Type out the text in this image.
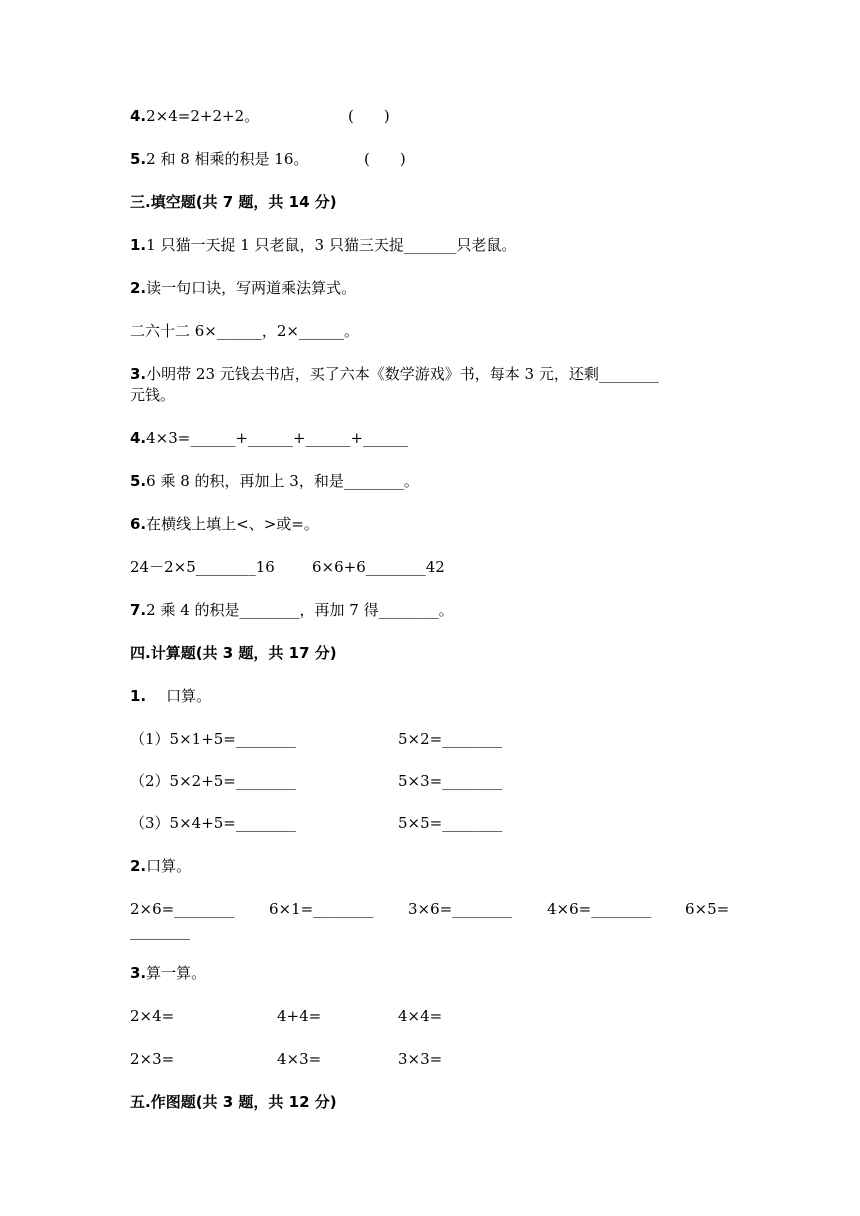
4.2×4=2+2+2。	(　　)
5.2 和 8 相乘的积是 16。	(　　)
三.填空题(共 7 题，共 14 分)
1.1 只猫一天捉 1 只老鼠，3 只猫三天捉_______只老鼠。
2.读一句口诀，写两道乘法算式。
二六十二 6×______，2×______。
3.小明带 23 元钱去书店，买了六本《数学游戏》书，每本 3 元，还剩________
元钱。
4.4×3=______+______+______+______
5.6 乘 8 的积，再加上 3，和是________。
6.在横线上填上<、>或=。
24－2×5________16 6×6+6________42
7.2 乘 4 的积是________，再加 7 得________。
四.计算题(共 3 题，共 17 分)
1. 口算。
（1）5×1+5=________	5×2=________
（2）5×2+5=________	5×3=________
（3）5×4+5=________	5×5=________
2.口算。
2×6=________ 6×1=________ 3×6=________ 4×6=________ 6×5=
________
3.算一算。
2×4=	4+4=	4×4=
2×3=	4×3=	3×3=
五.作图题(共 3 题，共 12 分)
